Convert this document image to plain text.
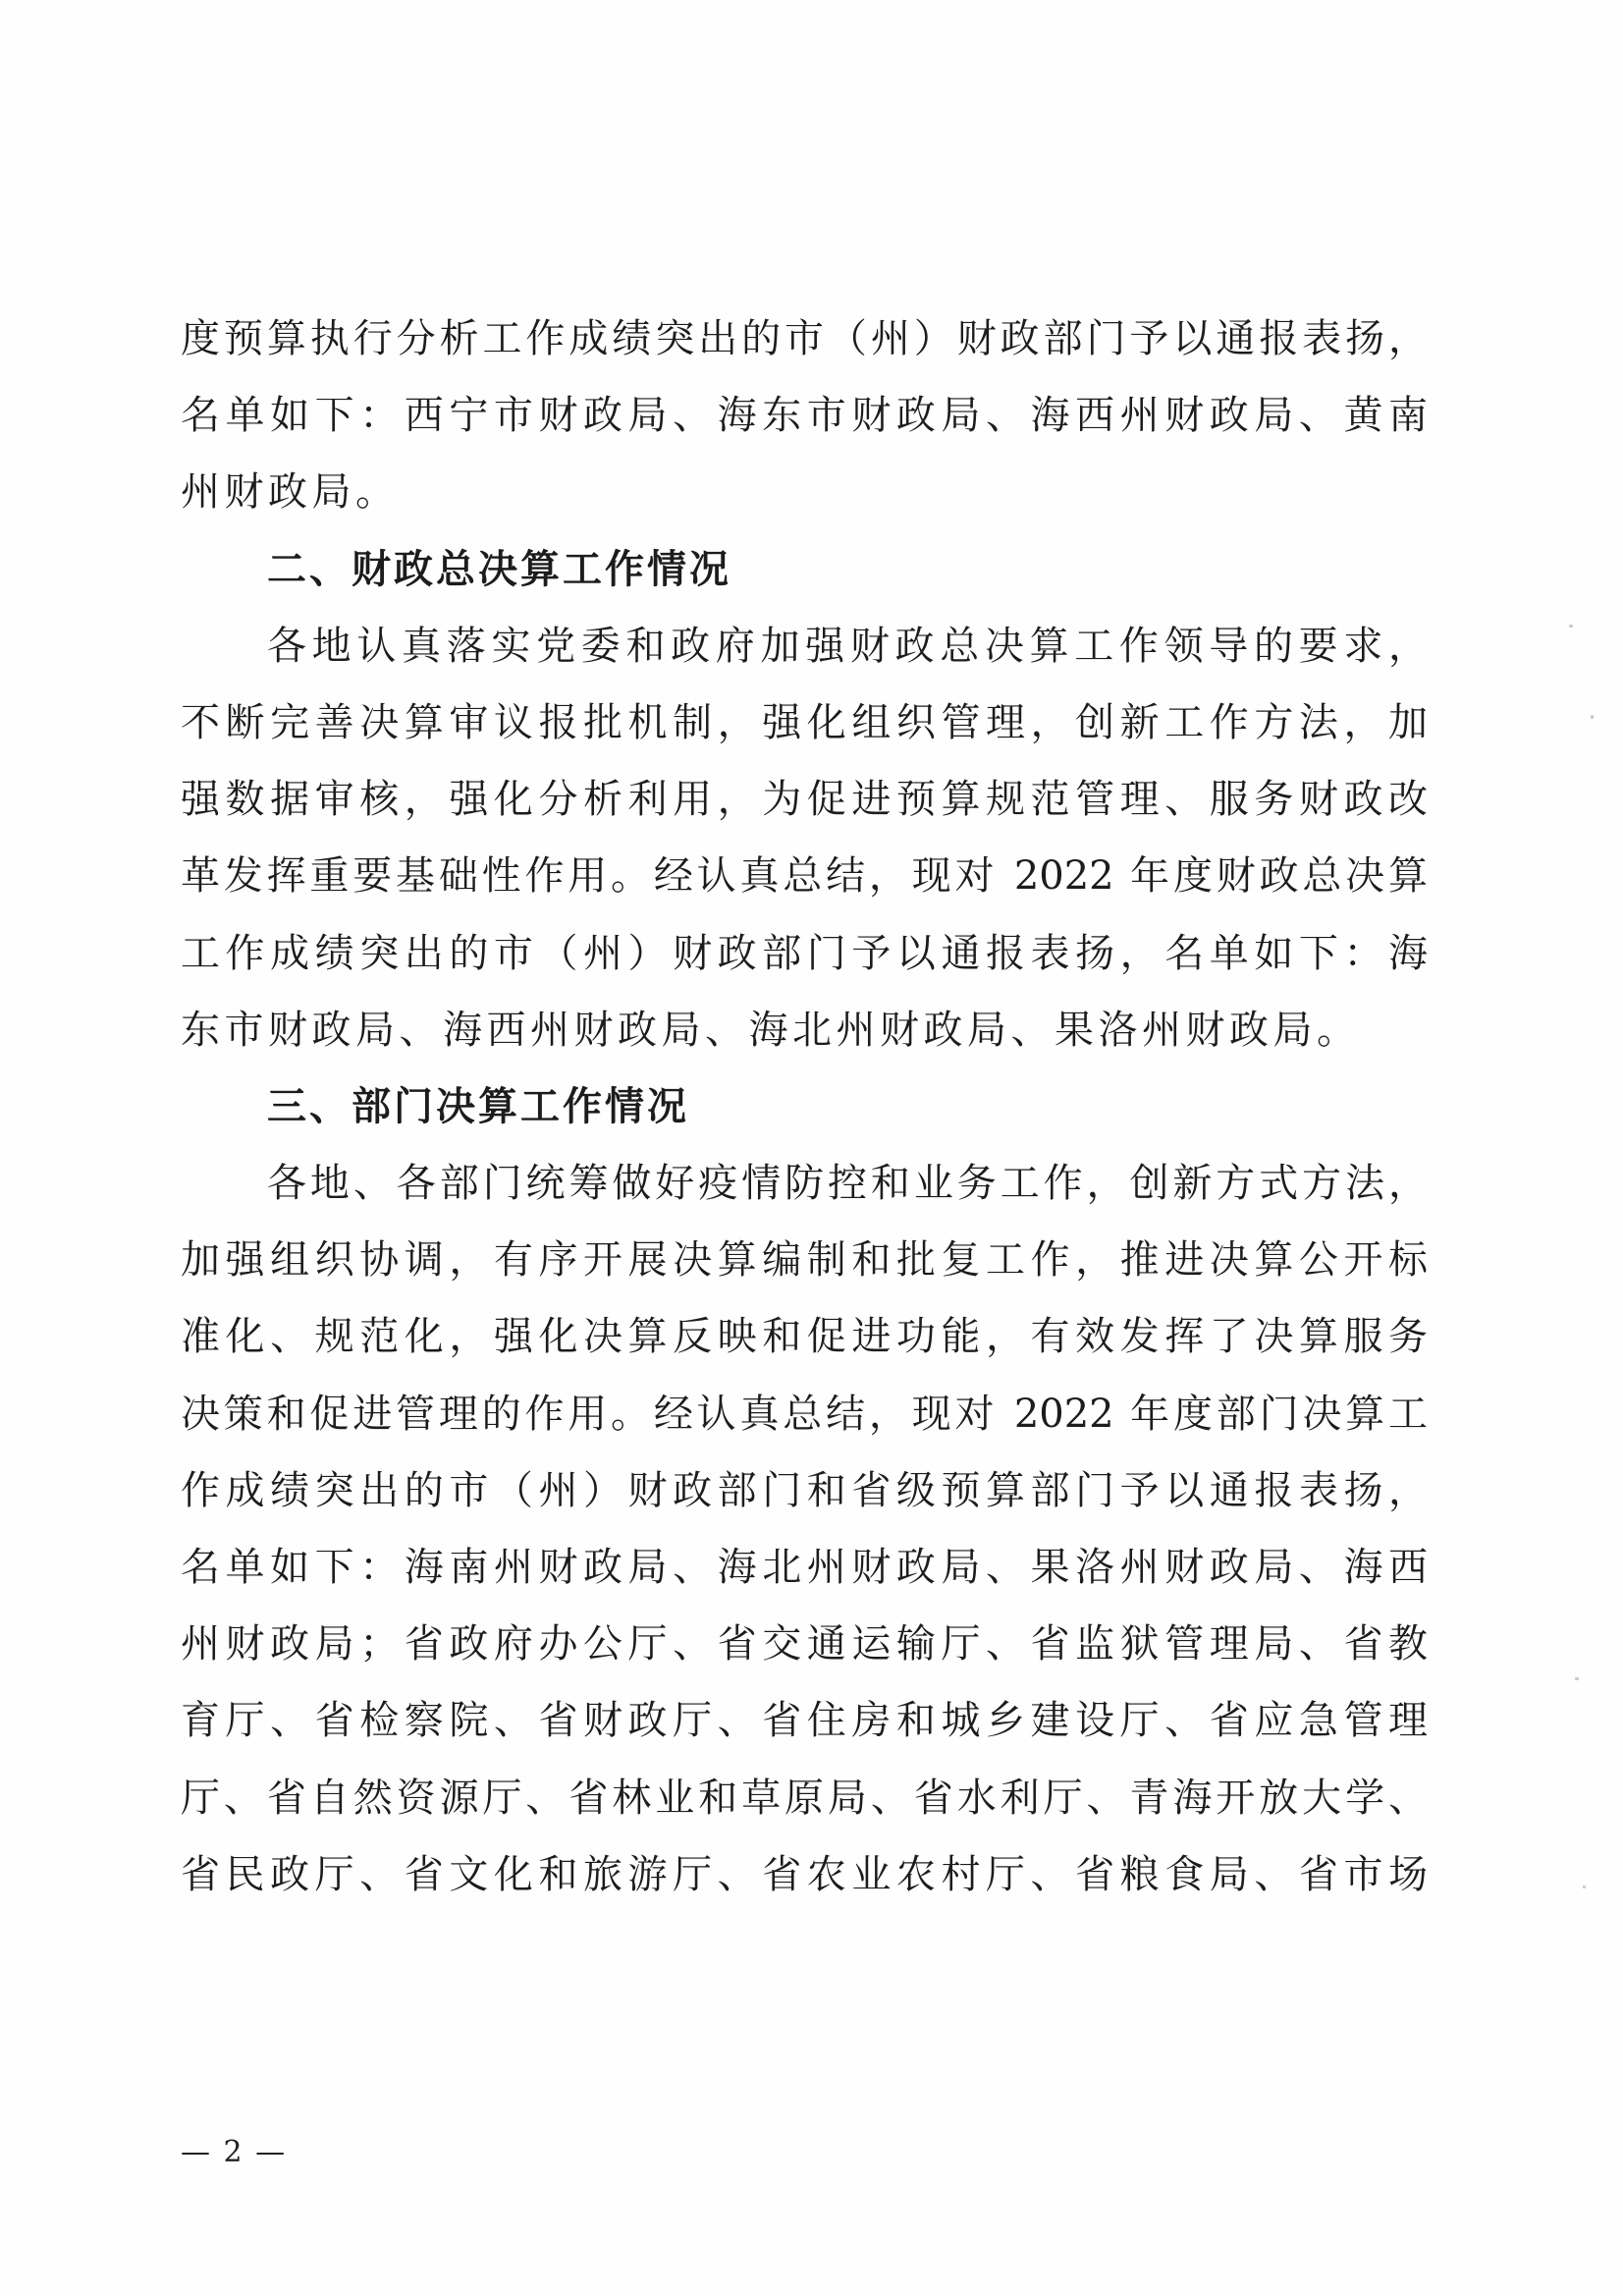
度预算执行分析工作成绩突出的市（州）财政部门予以通报表扬，
名单如下：西宁市财政局、海东市财政局、海西州财政局、黄南
州财政局。
二、财政总决算工作情况
各地认真落实党委和政府加强财政总决算工作领导的要求，
不断完善决算审议报批机制，强化组织管理，创新工作方法，加
强数据审核，强化分析利用，为促进预算规范管理、服务财政改
革发挥重要基础性作用。经认真总结，现对 2022 年度财政总决算
工作成绩突出的市（州）财政部门予以通报表扬，名单如下：海
东市财政局、海西州财政局、海北州财政局、果洛州财政局。
三、部门决算工作情况
各地、各部门统筹做好疫情防控和业务工作，创新方式方法，
加强组织协调，有序开展决算编制和批复工作，推进决算公开标
准化、规范化，强化决算反映和促进功能，有效发挥了决算服务
决策和促进管理的作用。经认真总结，现对 2022 年度部门决算工
作成绩突出的市（州）财政部门和省级预算部门予以通报表扬，
名单如下：海南州财政局、海北州财政局、果洛州财政局、海西
州财政局；省政府办公厅、省交通运输厅、省监狱管理局、省教
育厅、省检察院、省财政厅、省住房和城乡建设厅、省应急管理
厅、省自然资源厅、省林业和草原局、省水利厅、青海开放大学、
省民政厅、省文化和旅游厅、省农业农村厅、省粮食局、省市场
— 2 —
